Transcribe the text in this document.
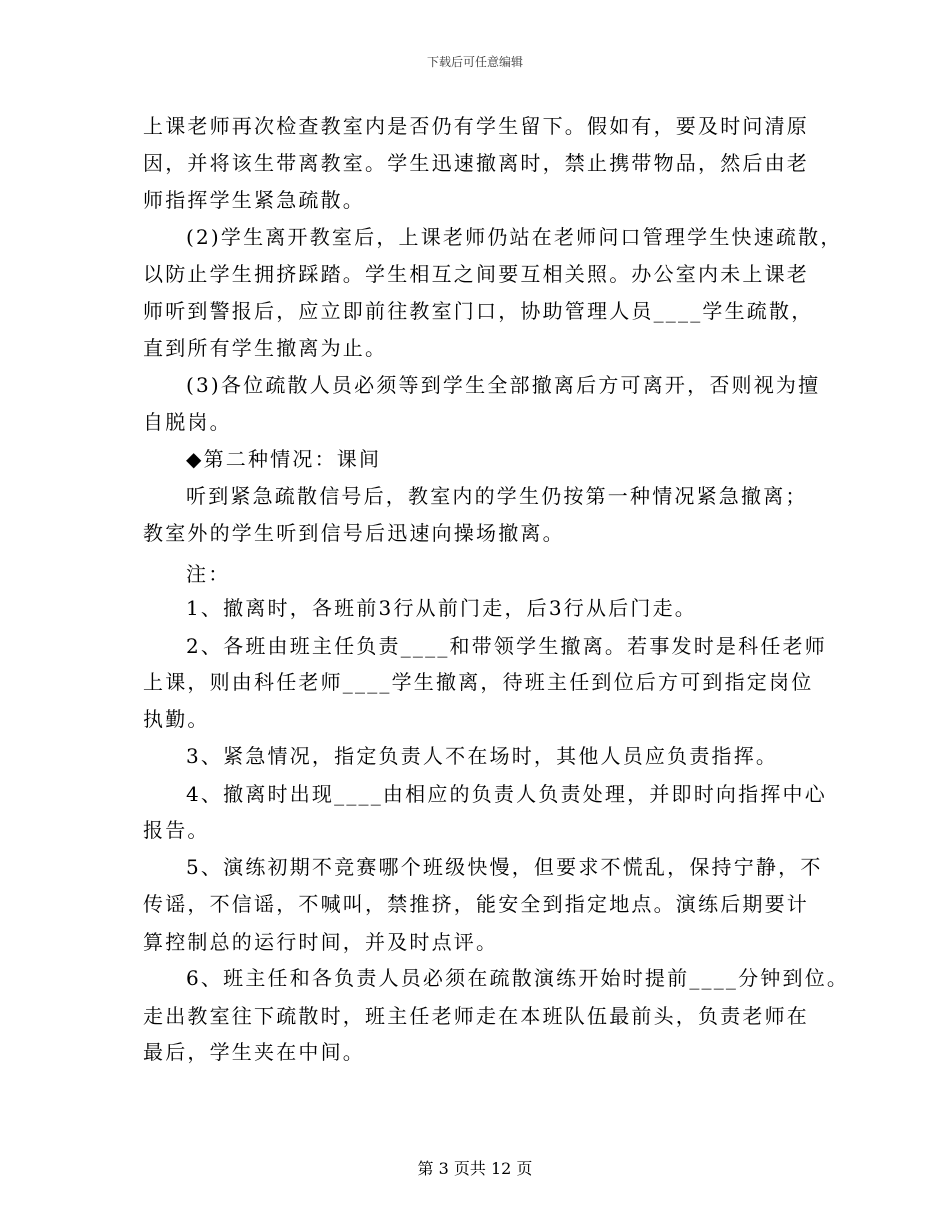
下载后可任意编辑
上课老师再次检查教室内是否仍有学生留下。假如有，要及时问清原
因，并将该生带离教室。学生迅速撤离时，禁止携带物品，然后由老
师指挥学生紧急疏散。
(2)学生离开教室后，上课老师仍站在老师问口管理学生快速疏散，
以防止学生拥挤踩踏。学生相互之间要互相关照。办公室内未上课老
师听到警报后，应立即前往教室门口，协助管理人员____学生疏散，
直到所有学生撤离为止。
(3)各位疏散人员必须等到学生全部撤离后方可离开，否则视为擅
自脱岗。
◆第二种情况：课间
听到紧急疏散信号后，教室内的学生仍按第一种情况紧急撤离；
教室外的学生听到信号后迅速向操场撤离。
注：
1、撤离时，各班前3行从前门走，后3行从后门走。
2、各班由班主任负责____和带领学生撤离。若事发时是科任老师
上课，则由科任老师____学生撤离，待班主任到位后方可到指定岗位
执勤。
3、紧急情况，指定负责人不在场时，其他人员应负责指挥。
4、撤离时出现____由相应的负责人负责处理，并即时向指挥中心
报告。
5、演练初期不竞赛哪个班级快慢，但要求不慌乱，保持宁静，不
传谣，不信谣，不喊叫，禁推挤，能安全到指定地点。演练后期要计
算控制总的运行时间，并及时点评。
6、班主任和各负责人员必须在疏散演练开始时提前____分钟到位。
走出教室往下疏散时，班主任老师走在本班队伍最前头，负责老师在
最后，学生夹在中间。
第 3 页共 12 页
